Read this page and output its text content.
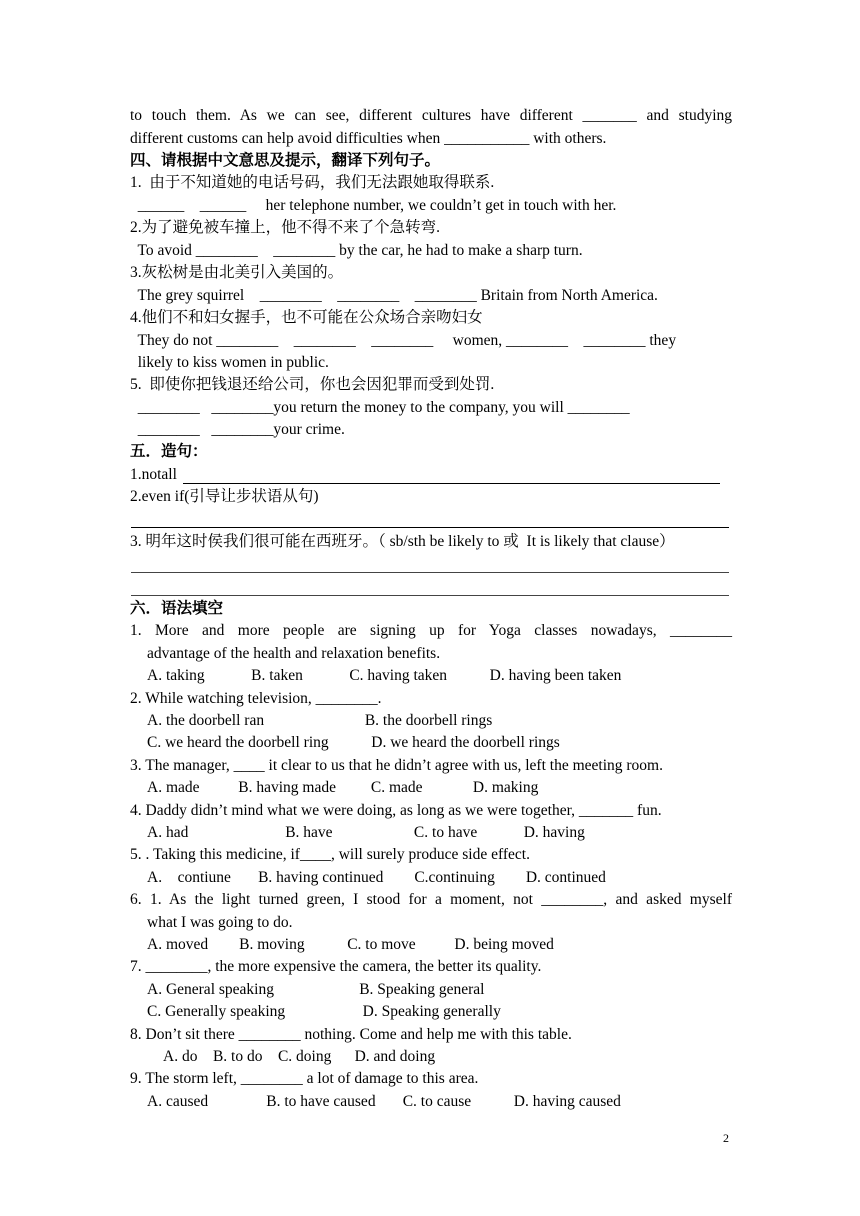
to touch them. As we can see, different cultures have different _______ and studying
different customs can help avoid difficulties when ___________ with others.
四、请根据中文意思及提示，翻译下列句子。
1.  由于不知道她的电话号码，我们无法跟她取得联系.
______    ______     her telephone number, we couldn’t get in touch with her.
2.为了避免被车撞上，他不得不来了个急转弯.
To avoid ________    ________ by the car, he had to make a sharp turn.
3.灰松树是由北美引入美国的。
The grey squirrel    ________    ________    ________ Britain from North America.
4.他们不和妇女握手，也不可能在公众场合亲吻妇女
They do not ________    ________    ________     women, ________    ________ they
likely to kiss women in public.
5.  即使你把钱退还给公司，你也会因犯罪而受到处罚.
________   ________you return the money to the company, you will ________
________   ________your crime.
五．造句：
1.notall
2.even if(引导让步状语从句)
3. 明年这时侯我们很可能在西班牙。（ sb/sth be likely to 或  It is likely that clause）
六．语法填空
1. More and more people are signing up for Yoga classes nowadays, ________
advantage of the health and relaxation benefits.
A. taking            B. taken            C. having taken           D. having been taken
2. While watching television, ________.
A. the doorbell ran                          B. the doorbell rings
C. we heard the doorbell ring           D. we heard the doorbell rings
3. The manager, ____ it clear to us that he didn’t agree with us, left the meeting room.
A. made          B. having made         C. made             D. making
4. Daddy didn’t mind what we were doing, as long as we were together, _______ fun.
A. had                         B. have                     C. to have            D. having
5. . Taking this medicine, if____, will surely produce side effect.
A.    contiune       B. having continued        C.continuing        D. continued
6. 1. As the light turned green, I stood for a moment, not ________, and asked myself
what I was going to do.
A. moved        B. moving           C. to move          D. being moved
7. ________, the more expensive the camera, the better its quality.
A. General speaking                      B. Speaking general
C. Generally speaking                    D. Speaking generally
8. Don’t sit there ________ nothing. Come and help me with this table.
A. do    B. to do    C. doing      D. and doing
9. The storm left, ________ a lot of damage to this area.
A. caused               B. to have caused       C. to cause           D. having caused
2
